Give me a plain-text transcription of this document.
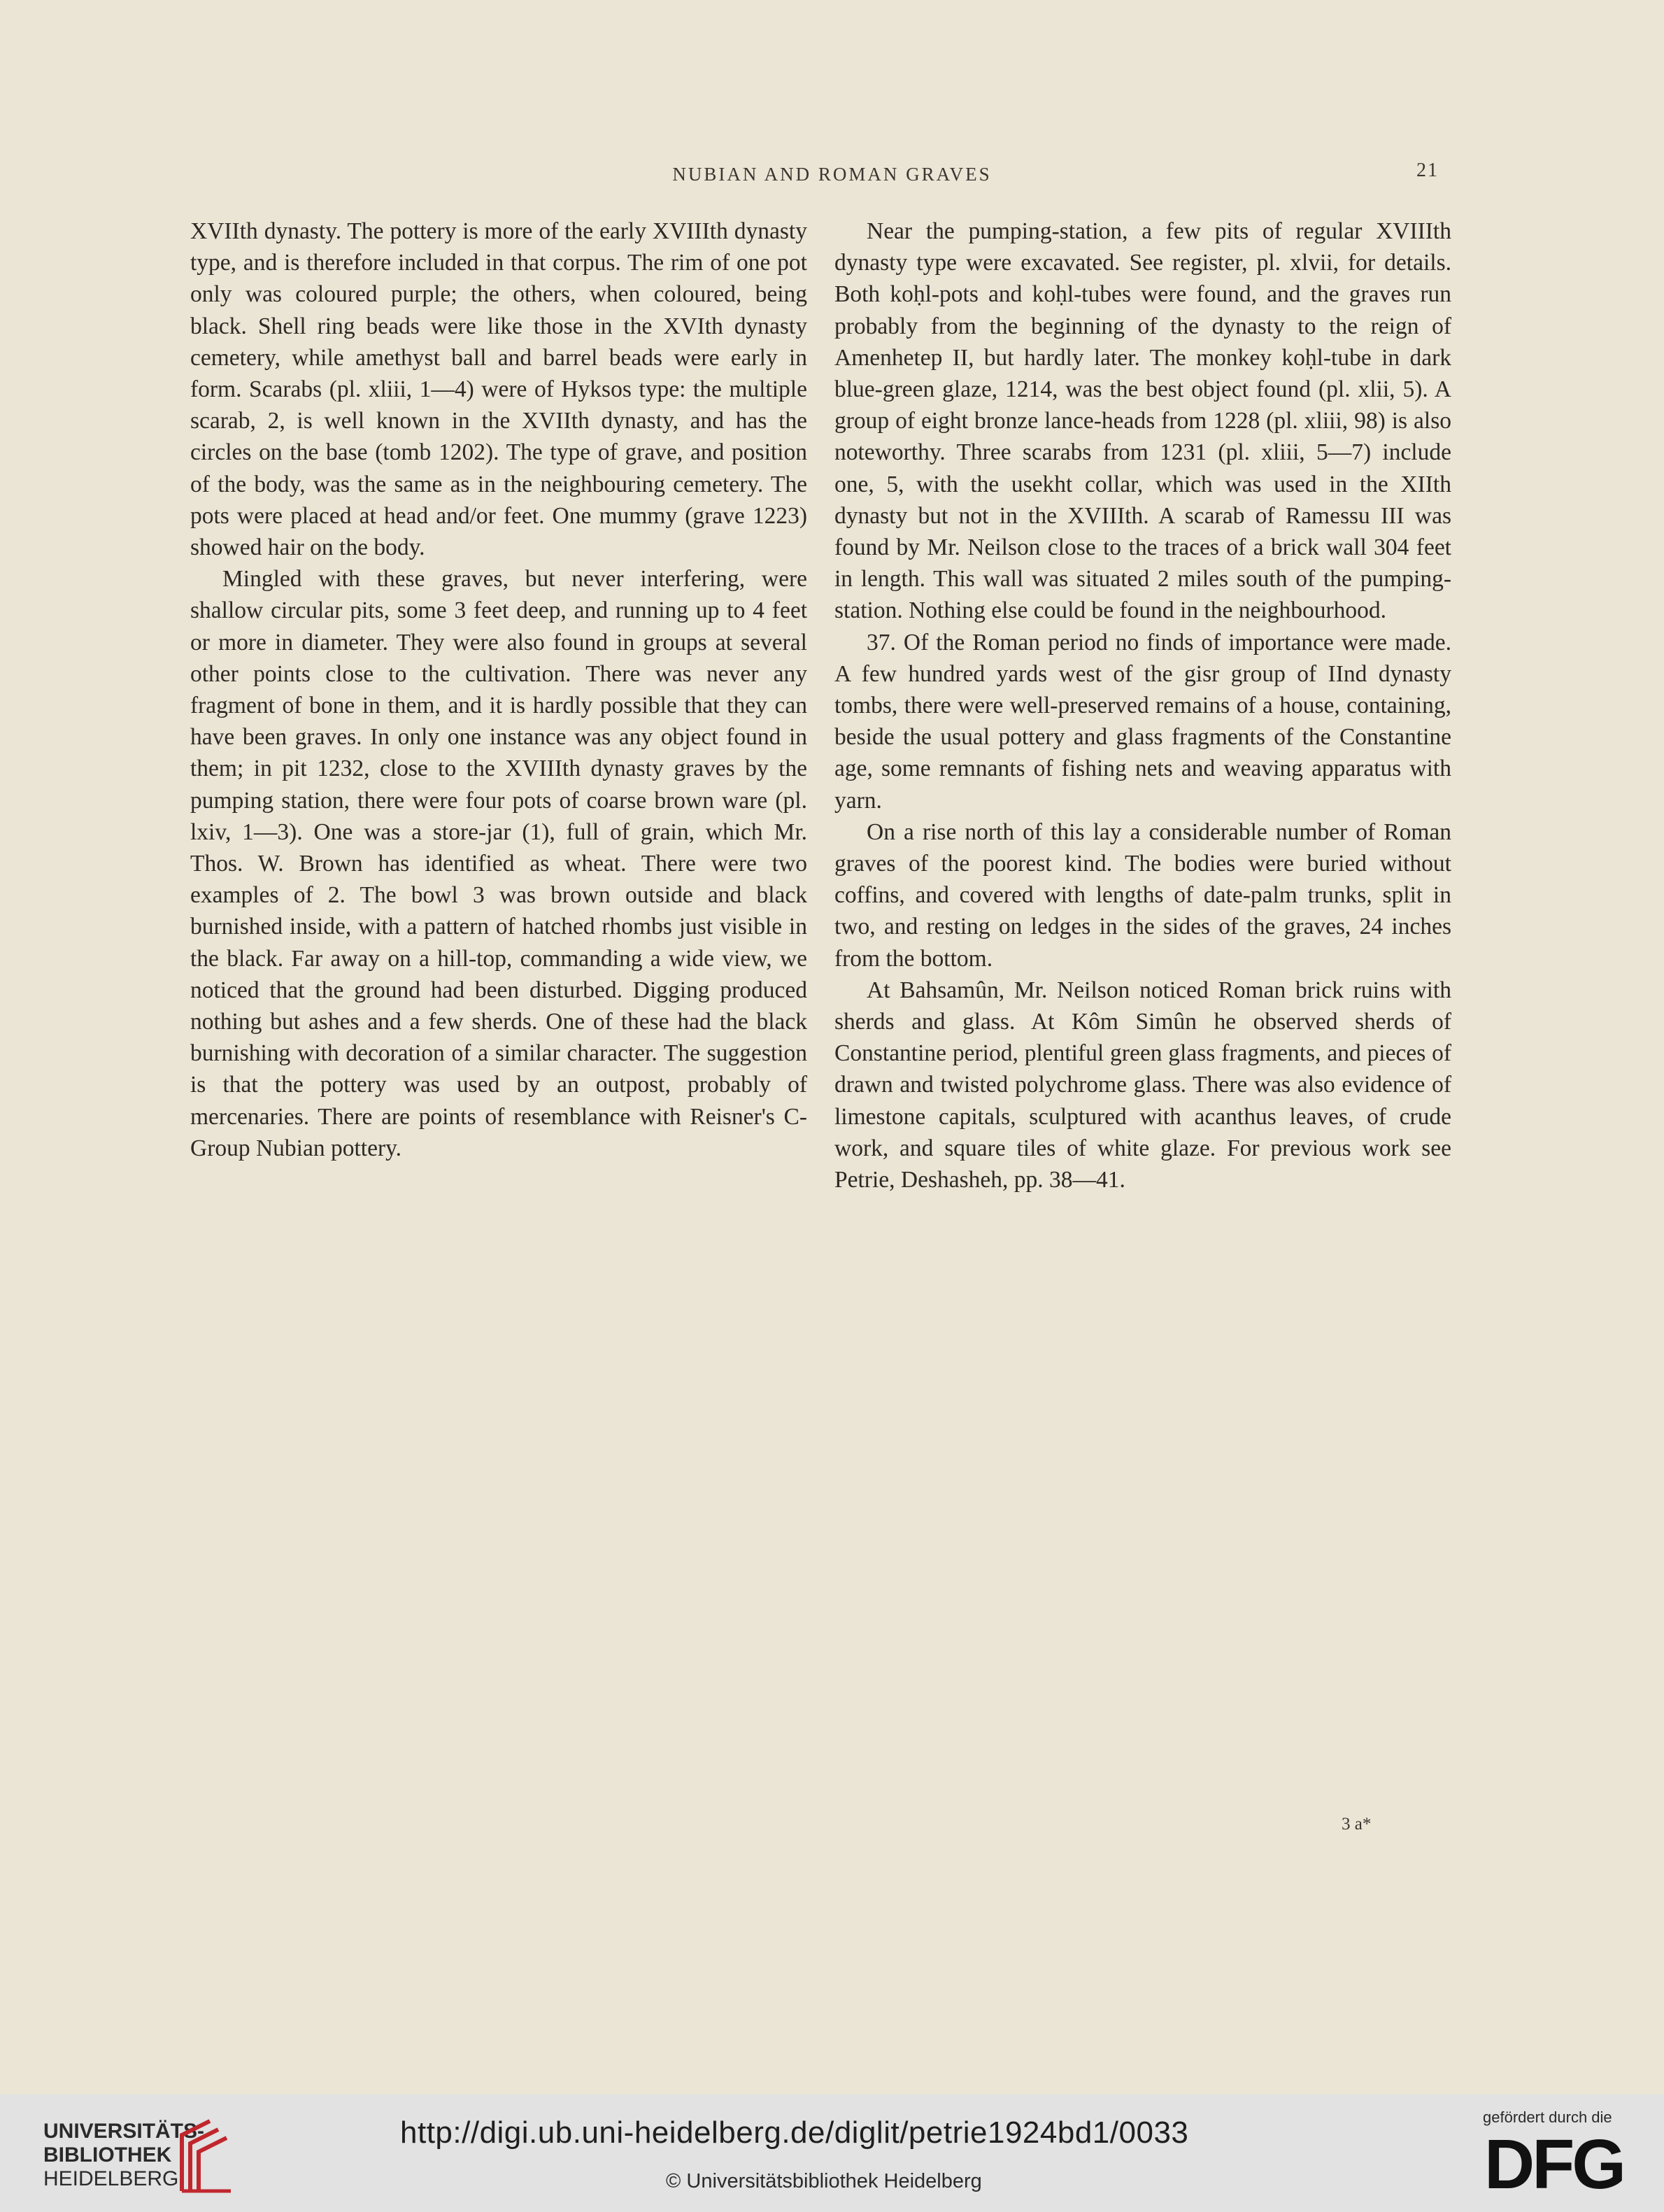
NUBIAN AND ROMAN GRAVES	21

XVIIth dynasty. The pottery is more of the early XVIIIth dynasty type, and is therefore included in that corpus. The rim of one pot only was coloured purple; the others, when coloured, being black. Shell ring beads were like those in the XVIth dynasty cemetery, while amethyst ball and barrel beads were early in form. Scarabs (pl. xliii, 1—4) were of Hyksos type: the multiple scarab, 2, is well known in the XVIIth dynasty, and has the circles on the base (tomb 1202). The type of grave, and position of the body, was the same as in the neighbouring cemetery. The pots were placed at head and/or feet. One mummy (grave 1223) showed hair on the body.

Mingled with these graves, but never interfering, were shallow circular pits, some 3 feet deep, and running up to 4 feet or more in diameter. They were also found in groups at several other points close to the cultivation. There was never any fragment of bone in them, and it is hardly possible that they can have been graves. In only one instance was any object found in them; in pit 1232, close to the XVIIIth dynasty graves by the pumping station, there were four pots of coarse brown ware (pl. lxiv, 1—3). One was a store-jar (1), full of grain, which Mr. Thos. W. Brown has identified as wheat. There were two examples of 2. The bowl 3 was brown outside and black burnished inside, with a pattern of hatched rhombs just visible in the black. Far away on a hill-top, commanding a wide view, we noticed that the ground had been disturbed. Digging produced nothing but ashes and a few sherds. One of these had the black burnishing with decoration of a similar character. The suggestion is that the pottery was used by an outpost, probably of mercenaries. There are points of resemblance with Reisner's C-Group Nubian pottery.

Near the pumping-station, a few pits of regular XVIIIth dynasty type were excavated. See register, pl. xlvii, for details. Both koḥl-pots and koḥl-tubes were found, and the graves run probably from the beginning of the dynasty to the reign of Amenhetep II, but hardly later. The monkey koḥl-tube in dark blue-green glaze, 1214, was the best object found (pl. xlii, 5). A group of eight bronze lance-heads from 1228 (pl. xliii, 98) is also noteworthy. Three scarabs from 1231 (pl. xliii, 5—7) include one, 5, with the usekht collar, which was used in the XIIth dynasty but not in the XVIIIth. A scarab of Ramessu III was found by Mr. Neilson close to the traces of a brick wall 304 feet in length. This wall was situated 2 miles south of the pumping-station. Nothing else could be found in the neighbourhood.

37. Of the Roman period no finds of importance were made. A few hundred yards west of the gisr group of IInd dynasty tombs, there were well-preserved remains of a house, containing, beside the usual pottery and glass fragments of the Constantine age, some remnants of fishing nets and weaving apparatus with yarn.

On a rise north of this lay a considerable number of Roman graves of the poorest kind. The bodies were buried without coffins, and covered with lengths of date-palm trunks, split in two, and resting on ledges in the sides of the graves, 24 inches from the bottom.

At Bahsamûn, Mr. Neilson noticed Roman brick ruins with sherds and glass. At Kôm Simûn he observed sherds of Constantine period, plentiful green glass fragments, and pieces of drawn and twisted polychrome glass. There was also evidence of limestone capitals, sculptured with acanthus leaves, of crude work, and square tiles of white glaze. For previous work see Petrie, Deshasheh, pp. 38—41.

3 a*
UNIVERSITÄTS-
BIBLIOTHEK
HEIDELBERG
http://digi.ub.uni-heidelberg.de/diglit/petrie1924bd1/0033
© Universitätsbibliothek Heidelberg
gefördert durch die
DFG
